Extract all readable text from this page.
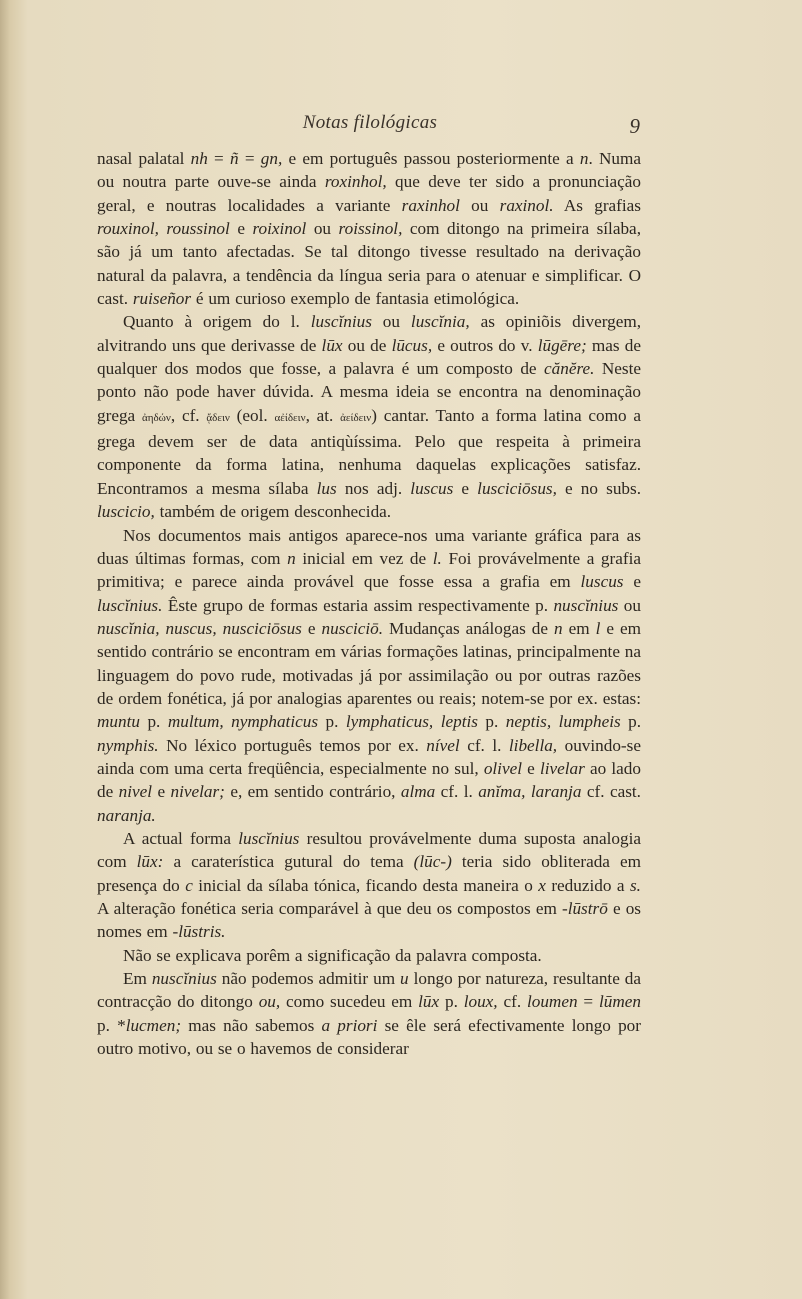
Notas filológicas	9

nasal palatal nh = ñ = gn, e em português passou posteriormente a n. Numa ou noutra parte ouve-se ainda roxinhol, que deve ter sido a pronunciação geral, e noutras localidades a variante raxinhol ou raxinol. As grafias rouxinol, roussinol e roixinol ou roissinol, com ditongo na primeira sílaba, são já um tanto afectadas. Se tal ditongo tivesse resultado na derivação natural da palavra, a tendência da língua seria para o atenuar e simplificar. O cast. ruiseñor é um curioso exemplo de fantasia etimológica.

Quanto à origem do l. luscĭnius ou luscĭnia, as opiniõis divergem, alvitrando uns que derivasse de lūx ou de lūcus, e outros do v. lūgēre; mas de qualquer dos modos que fosse, a palavra é um composto de cănĕre. Neste ponto não pode haver dúvida. A mesma ideia se encontra na denominação grega ἀηδών, cf. ᾄδειν (eol. αἐίδειν, at. ἀείδειν) cantar. Tanto a forma latina como a grega devem ser de data antiqùíssima. Pelo que respeita à primeira componente da forma latina, nenhuma daquelas explicações satisfaz. Encontramos a mesma sílaba lus nos adj. luscus e lusciciōsus, e no subs. luscicio, também de origem desconhecida.

Nos documentos mais antigos aparece-nos uma variante gráfica para as duas últimas formas, com n inicial em vez de l. Foi provávelmente a grafia primitiva; e parece ainda provável que fosse essa a grafia em luscus e luscĭnius. Êste grupo de formas estaria assim respectivamente p. nuscĭnius ou nuscĭnia, nuscus, nusciciōsus e nusciciō. Mudanças análogas de n em l e em sentido contrário se encontram em várias formações latinas, principalmente na linguagem do povo rude, motivadas já por assimilação ou por outras razões de ordem fonética, já por analogias aparentes ou reais; notem-se por ex. estas: muntu p. multum, nymphaticus p. lymphaticus, leptis p. neptis, lumpheis p. nymphis. No léxico português temos por ex. nível cf. l. libella, ouvindo-se ainda com uma certa freqüência, especialmente no sul, olivel e livelar ao lado de nivel e nivelar; e, em sentido contrário, alma cf. l. anĭma, laranja cf. cast. naranja.

A actual forma luscĭnius resultou provávelmente duma suposta analogia com lūx: a caraterística gutural do tema (lūc-) teria sido obliterada em presença do c inicial da sílaba tónica, ficando desta maneira o x reduzido a s. A alteração fonética seria comparável à que deu os compostos em -lūstrō e os nomes em -lūstris.

Não se explicava porêm a significação da palavra composta.

Em nuscĭnius não podemos admitir um u longo por natureza, resultante da contracção do ditongo ou, como sucedeu em lūx p. loux, cf. loumen = lūmen p. *lucmen; mas não sabemos a priori se êle será efectivamente longo por outro motivo, ou se o havemos de considerar
